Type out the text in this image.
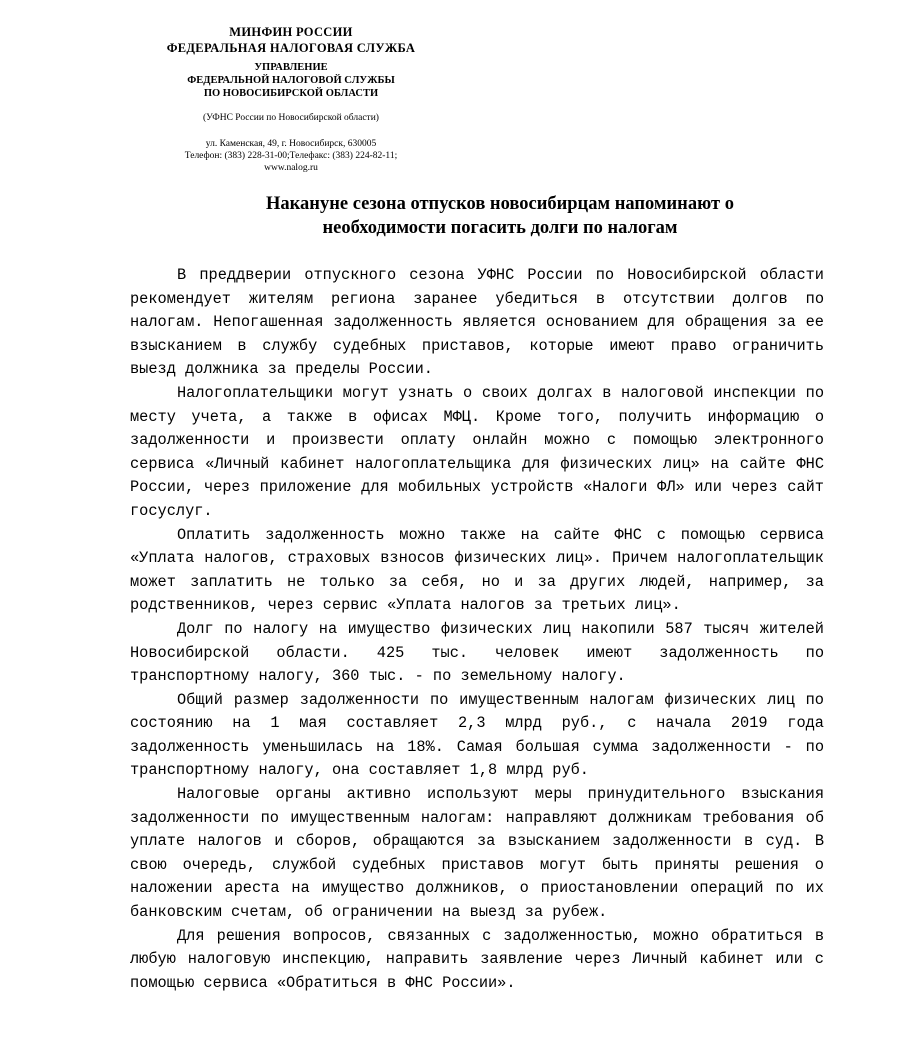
МИНФИН РОССИИ
ФЕДЕРАЛЬНАЯ НАЛОГОВАЯ СЛУЖБА
УПРАВЛЕНИЕ
ФЕДЕРАЛЬНОЙ НАЛОГОВОЙ СЛУЖБЫ
ПО НОВОСИБИРСКОЙ ОБЛАСТИ
(УФНС России по Новосибирской области)
ул. Каменская, 49, г. Новосибирск, 630005
Телефон: (383) 228-31-00;Телефакс: (383) 224-82-11;
www.nalog.ru
Накануне сезона отпусков новосибирцам напоминают о
необходимости погасить долги по налогам

В преддверии отпускного сезона УФНС России по Новосибирской области рекомендует жителям региона заранее убедиться в отсутствии долгов по налогам. Непогашенная задолженность является основанием для обращения за ее взысканием в службу судебных приставов, которые имеют право ограничить выезд должника за пределы России.

Налогоплательщики могут узнать о своих долгах в налоговой инспекции по месту учета, а также в офисах МФЦ. Кроме того, получить информацию о задолженности и произвести оплату онлайн можно с помощью электронного сервиса «Личный кабинет налогоплательщика для физических лиц» на сайте ФНС России, через приложение для мобильных устройств «Налоги ФЛ» или через сайт госуслуг.

Оплатить задолженность можно также на сайте ФНС с помощью сервиса «Уплата налогов, страховых взносов физических лиц». Причем налогоплательщик может заплатить не только за себя, но и за других людей, например, за родственников, через сервис «Уплата налогов за третьих лиц».

Долг по налогу на имущество физических лиц накопили 587 тысяч жителей Новосибирской области. 425 тыс. человек имеют задолженность по транспортному налогу, 360 тыс. - по земельному налогу.

Общий размер задолженности по имущественным налогам физических лиц по состоянию на 1 мая составляет 2,3 млрд руб., с начала 2019 года задолженность уменьшилась на 18%. Самая большая сумма задолженности - по транспортному налогу, она составляет 1,8 млрд руб.

Налоговые органы активно используют меры принудительного взыскания задолженности по имущественным налогам: направляют должникам требования об уплате налогов и сборов, обращаются за взысканием задолженности в суд. В свою очередь, службой судебных приставов могут быть приняты решения о наложении ареста на имущество должников, о приостановлении операций по их банковским счетам, об ограничении на выезд за рубеж.

Для решения вопросов, связанных с задолженностью, можно обратиться в любую налоговую инспекцию, направить заявление через Личный кабинет или с помощью сервиса «Обратиться в ФНС России».
